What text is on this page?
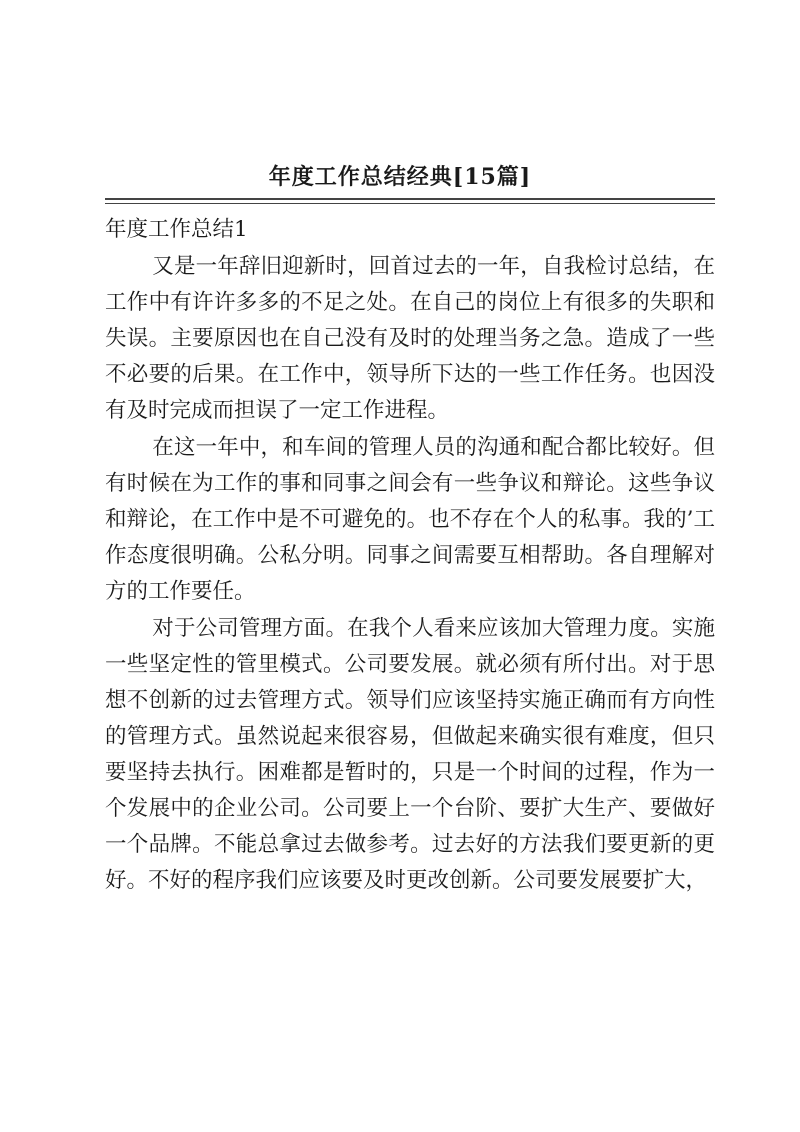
年度工作总结经典[15篇]
年度工作总结1

又是一年辞旧迎新时，回首过去的一年，自我检讨总结，在工作中有许许多多的不足之处。在自己的岗位上有很多的失职和失误。主要原因也在自己没有及时的处理当务之急。造成了一些不必要的后果。在工作中，领导所下达的一些工作任务。也因没有及时完成而担误了一定工作进程。

在这一年中，和车间的管理人员的沟通和配合都比较好。但有时候在为工作的事和同事之间会有一些争议和辩论。这些争议和辩论，在工作中是不可避免的。也不存在个人的私事。我的’工作态度很明确。公私分明。同事之间需要互相帮助。各自理解对方的工作要任。

对于公司管理方面。在我个人看来应该加大管理力度。实施一些坚定性的管里模式。公司要发展。就必须有所付出。对于思想不创新的过去管理方式。领导们应该坚持实施正确而有方向性的管理方式。虽然说起来很容易，但做起来确实很有难度，但只要坚持去执行。困难都是暂时的，只是一个时间的过程，作为一个发展中的企业公司。公司要上一个台阶、要扩大生产、要做好一个品牌。不能总拿过去做参考。过去好的方法我们要更新的更好。不好的程序我们应该要及时更改创新。公司要发展要扩大，
